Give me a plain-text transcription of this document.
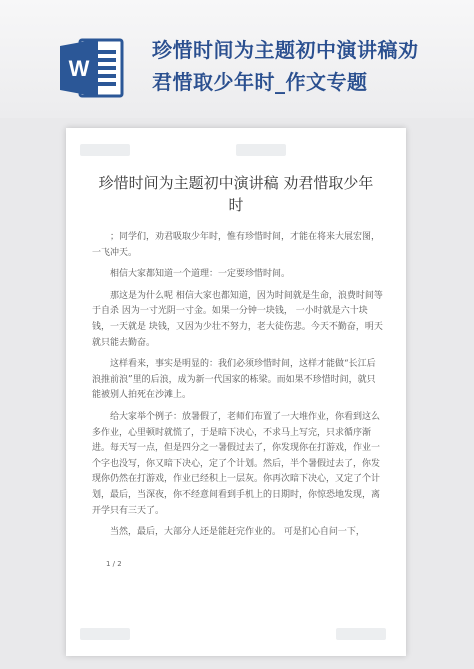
W
珍惜时间为主题初中演讲稿劝
君惜取少年时_作文专题
珍惜时间为主题初中演讲稿 劝君惜取少年
时

；同学们，劝君吸取少年时，惟有珍惜时间，才能在将来大展宏图，一飞冲天。

相信大家都知道一个道理：一定要珍惜时间。

那这是为什么呢 相信大家也都知道，因为时间就是生命，浪费时间等于自杀 因为一寸光阴一寸金。如果一分钟一块钱， 一小时就是六十块钱，一天就是 块钱，又因为少壮不努力，老大徒伤悲。今天不勤奋，明天就只能去勤奋。

这样看来，事实是明显的：我们必须珍惜时间，这样才能做“长江后浪推前浪”里的后浪，成为新一代国家的栋梁。而如果不珍惜时间，就只能被别人拍死在沙滩上。

给大家举个例子：放暑假了，老师们布置了一大堆作业，你看到这么多作业，心里顿时就慌了，于是暗下决心，不求马上写完，只求循序渐进。每天写一点，但是四分之一暑假过去了，你发现你在打游戏，作业一个字也没写，你又暗下决心，定了个计划。然后，半个暑假过去了，你发现你仍然在打游戏，作业已经积上一层灰。你再次暗下决心，又定了个计划，最后，当深夜，你不经意间看到手机上的日期时，你惊恐地发现，离开学只有三天了。

当然，最后，大部分人还是能赶完作业的。 可是扪心自问一下，

1 / 2
